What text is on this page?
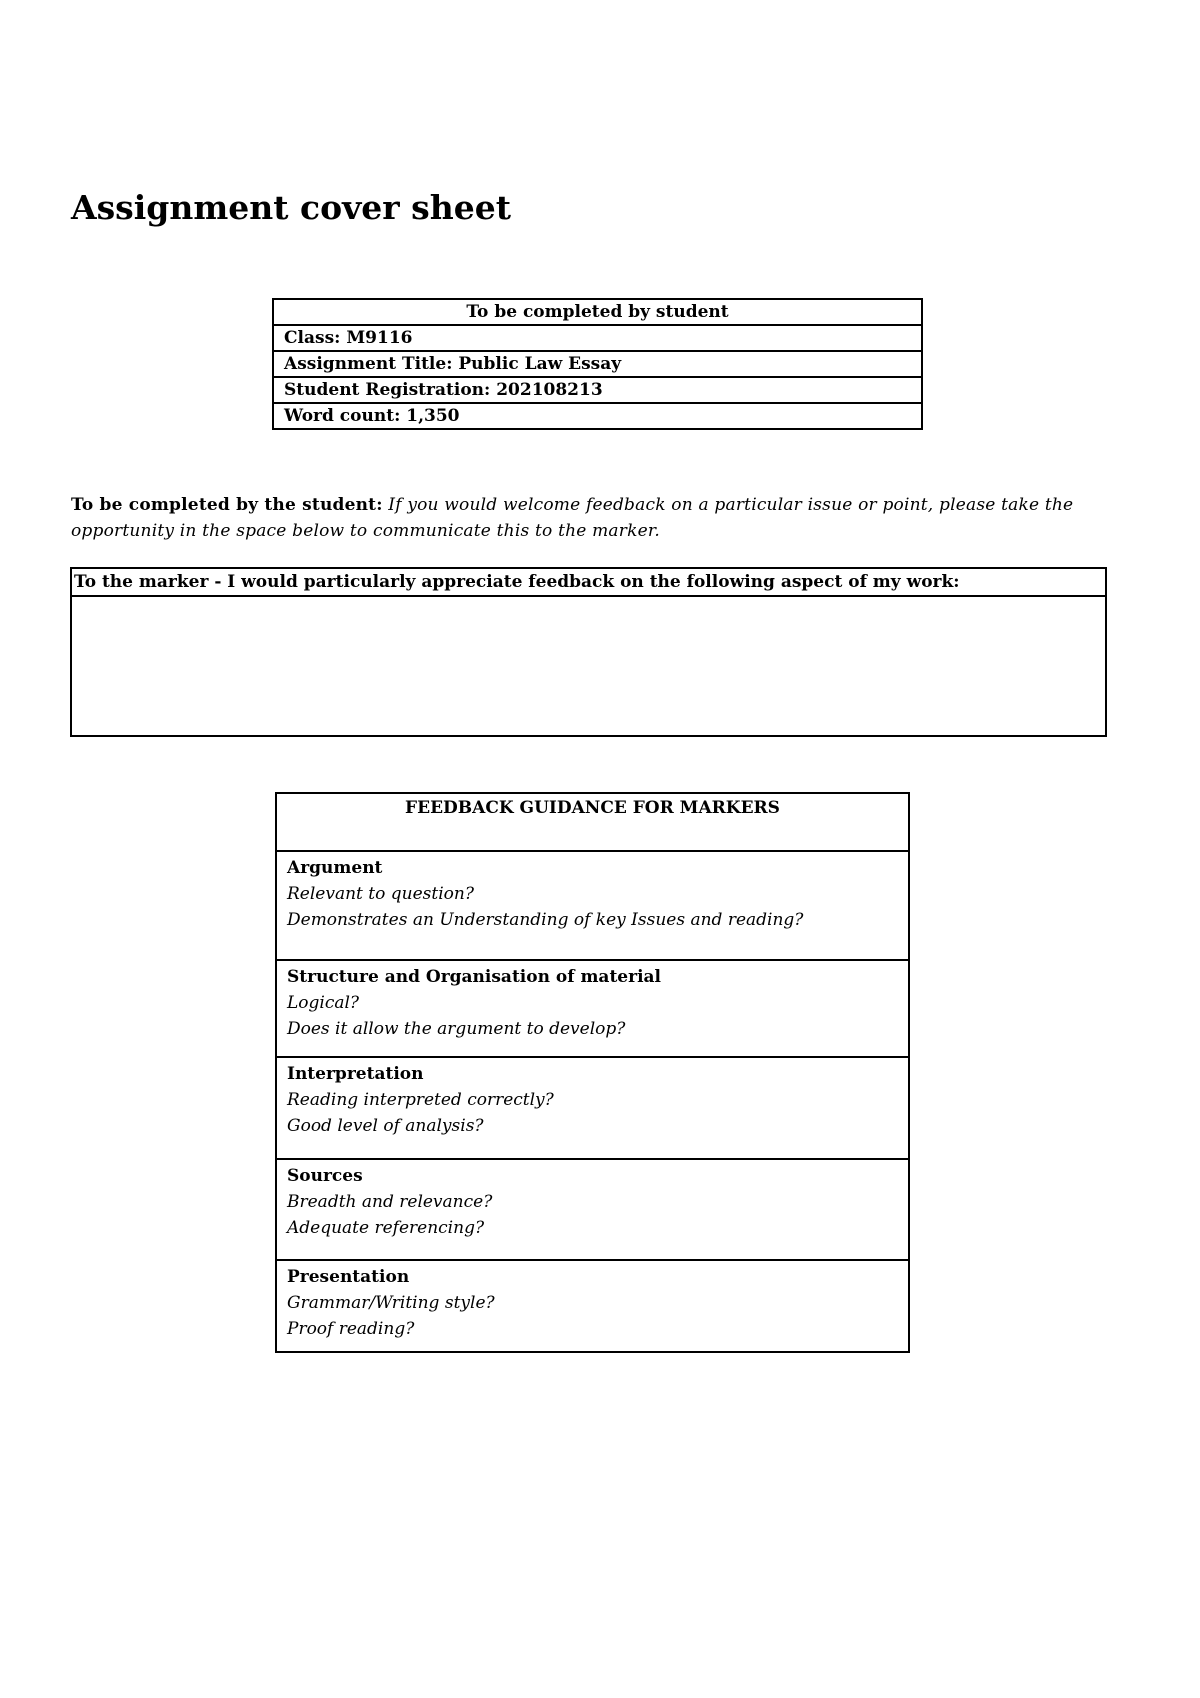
Assignment cover sheet
To be completed by student
Class: M9116
Assignment Title: Public Law Essay
Student Registration: 202108213
Word count: 1,350
To be completed by the student: If you would welcome feedback on a particular issue or point, please take the opportunity in the space below to communicate this to the marker.
To the marker - I would particularly appreciate feedback on the following aspect of my work:
FEEDBACK GUIDANCE FOR MARKERS
Argument
Relevant to question?
Demonstrates an Understanding of key Issues and reading?
Structure and Organisation of material
Logical?
Does it allow the argument to develop?
Interpretation
Reading interpreted correctly?
Good level of analysis?
Sources
Breadth and relevance?
Adequate referencing?
Presentation
Grammar/Writing style?
Proof reading?
